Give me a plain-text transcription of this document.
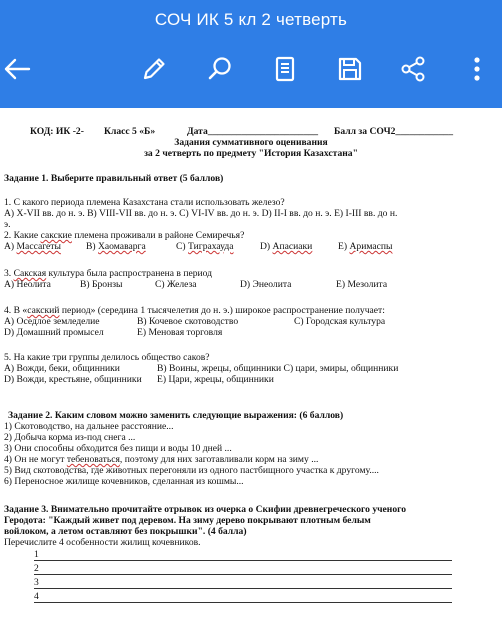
СОЧ ИК 5 кл 2 четверть
КОД: ИК -2- Класс 5 «Б»	Дата_______________________ Балл за СОЧ2____________
Задания суммативного оценивания
за 2 четверть по предмету "История Казахстана"
Задание 1. Выберите правильный ответ (5 баллов)
1. С какого периода племена Казахстана стали использовать железо?
А) X-VII вв. до н. э. B) VIII-VII вв. до н. э. С) VI-IV вв. до н. э. D) II-I вв. до н. э. Е) I-III вв. до н.
э.
2. Какие сакские племена проживали в районе Семиречья?
А) Массагеты	B) Хаомаварга	С) Тиграхауда	D) Апасиаки	Е) Аримаспы
3. Сакская культура была распространена в период
А) Неолита	B) Бронзы	С) Железа	D) Энеолита	Е) Мезолита
4. В «сакский период» (середина 1 тысячелетия до н. э.) широкое распространение получает:
А) Оседлое земледелие	B) Кочевое скотоводство	С) Городская культура
D) Домашний промысел	Е) Меновая торговля
5. На какие три группы делилось общество саков?
А) Вожди, беки, общинники	B) Воины, жрецы, общинники С) цари, эмиры, общинники
D) Вожди, крестьяне, общинники Е) Цари, жрецы, общинники
Задание 2. Каким словом можно заменить следующие выражения: (6 баллов)
1) Скотоводство, на дальнее расстояние...
2) Добыча корма из-под снега ...
3) Они способны обходится без пищи и воды 10 дней ...
4) Он не могут тебеноваться, поэтому для них заготавливали корм на зиму ...
5) Вид скотоводства, где животных перегоняли из одного пастбищного участка к другому....
6) Переносное жилище кочевников, сделанная из кошмы...
Задание 3. Внимательно прочитайте отрывок из очерка о Скифии древнегреческого ученого
Геродота: "Каждый живет под деревом. На зиму дерево покрывают плотным белым
войлоком, а летом оставляют без покрышки". (4 балла)
Перечислите 4 особенности жилищ кочевников.
1
2
3
4
